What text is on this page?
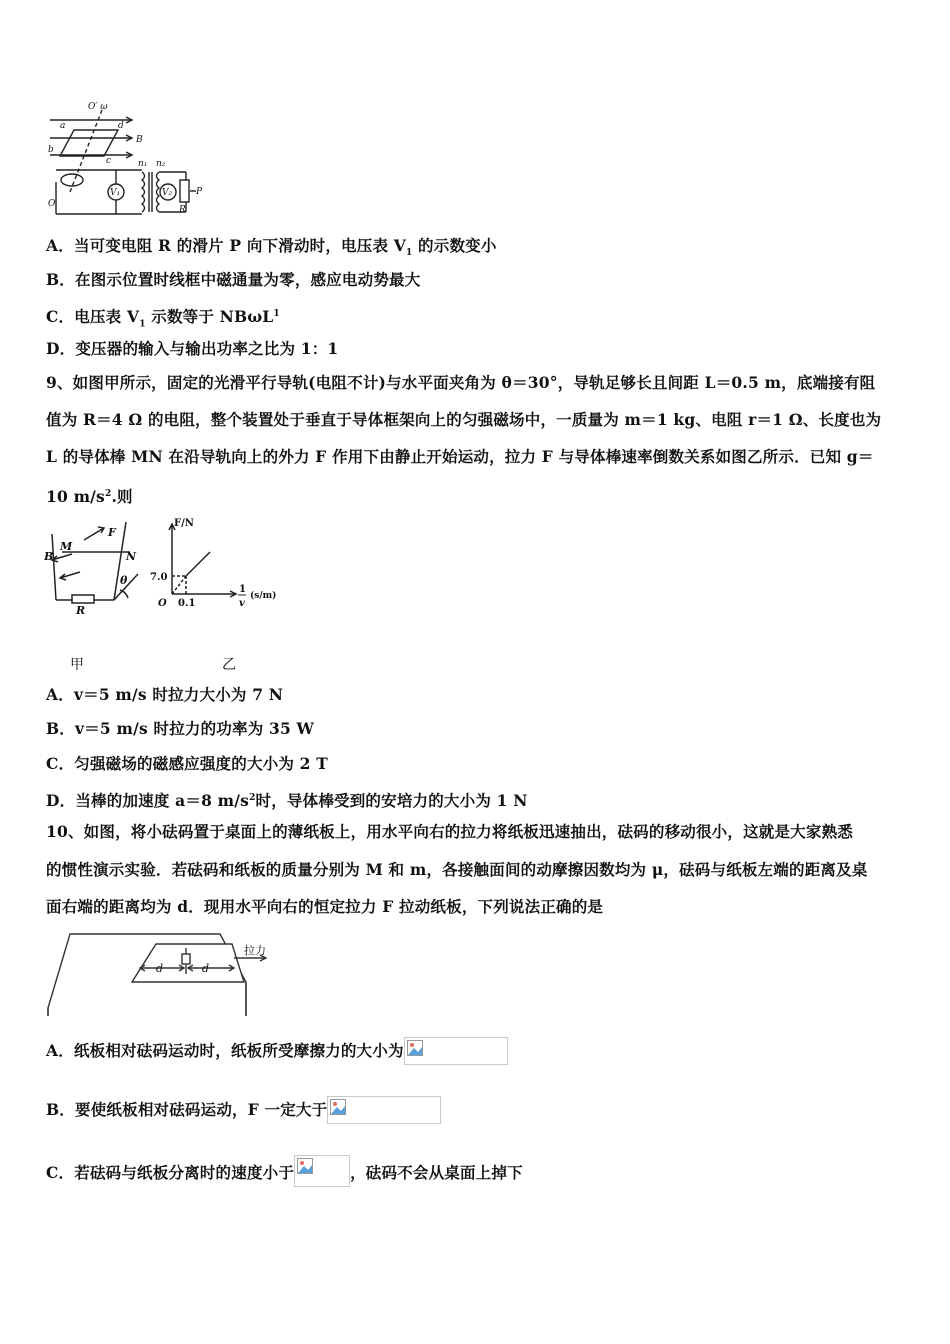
O′ ω
a	d
B
b
c	n₁ n₂
V₁	V₂
R
P
O
A．当可变电阻 R 的滑片 P 向下滑动时，电压表 $V_1$ 的示数变小
B．在图示位置时线框中磁通量为零，感应电动势最大
C．电压表 $V_1$ 示数等于 NBωL$^1$
D．变压器的输入与输出功率之比为 1：1
9、如图甲所示，固定的光滑平行导轨(电阻不计)与水平面夹角为 θ＝30°，导轨足够长且间距 L＝0.5 m，底端接有阻
值为 R＝4 Ω 的电阻，整个装置处于垂直于导体框架向上的匀强磁场中，一质量为 m＝1 kg、电阻 r＝1 Ω、长度也为
L 的导体棒 MN 在沿导轨向上的外力 F 作用下由静止开始运动，拉力 F 与导体棒速率倒数关系如图乙所示．已知 g＝
10 $m/s^2$.则
F
M
N
B
θ
R
F/N
7.0
O 0.1
1
v
(s/m)
甲	乙
A．v＝5 m/s 时拉力大小为 7 N
B．v＝5 m/s 时拉力的功率为 35 W
C．匀强磁场的磁感应强度的大小为 2 T
D．当棒的加速度 a＝8 $m/s^2$时，导体棒受到的安培力的大小为 1 N
10、如图，将小砝码置于桌面上的薄纸板上，用水平向右的拉力将纸板迅速抽出，砝码的移动很小，这就是大家熟悉
的惯性演示实验．若砝码和纸板的质量分别为 M 和 m，各接触面间的动摩擦因数均为 μ，砝码与纸板左端的距离及桌
面右端的距离均为 d．现用水平向右的恒定拉力 F 拉动纸板，下列说法正确的是
d	d
拉力
A．纸板相对砝码运动时，纸板所受摩擦力的大小为
B．要使纸板相对砝码运动，F 一定大于
C．若砝码与纸板分离时的速度小于	，砝码不会从桌面上掉下
